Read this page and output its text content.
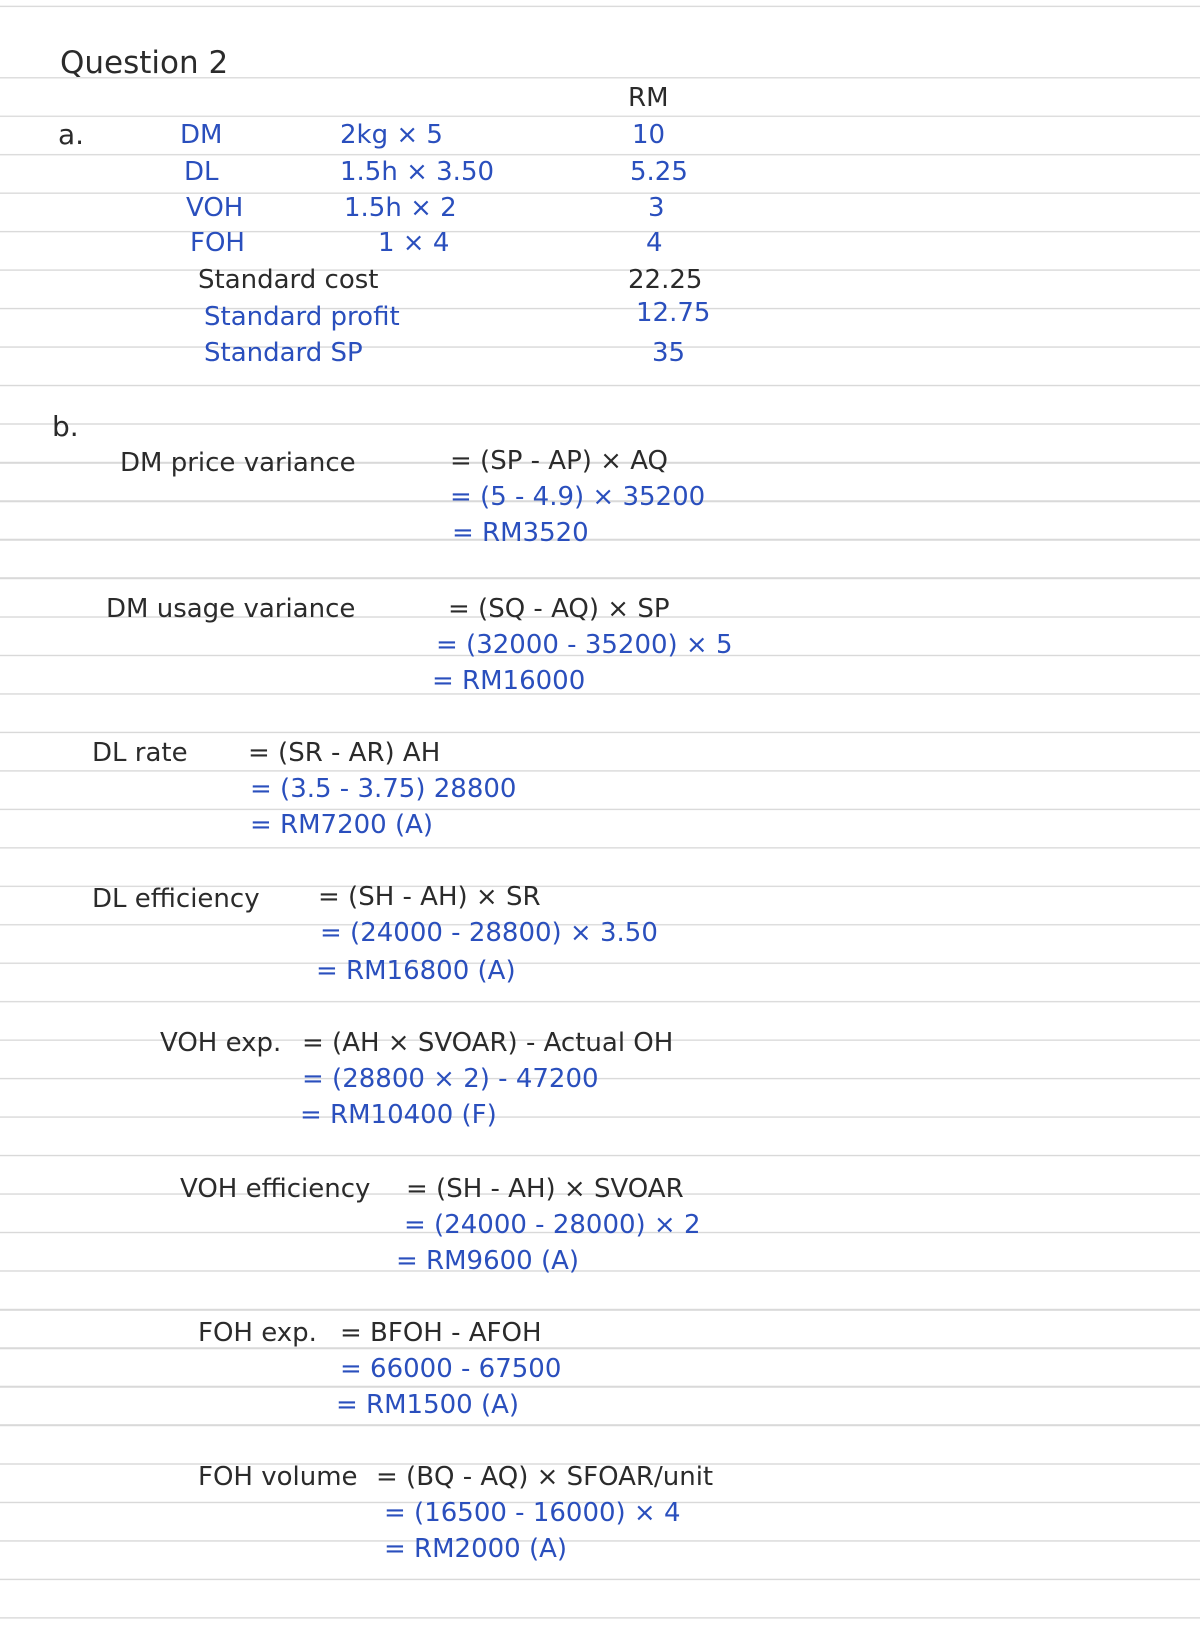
Question 2
a.
RM
DM	2kg × 5	10
DL	1.5h × 3.50	5.25
VOH	1.5h × 2	3
FOH	1 × 4	4
Standard cost	22.25
Standard profit	12.75
Standard SP	35
b.
DM price variance	= (SP - AP) × AQ
= (5 - 4.9) × 35200
= RM3520
DM usage variance	= (SQ - AQ) × SP
= (32000 - 35200) × 5
= RM16000
DL rate = (SR - AR) AH
= (3.5 - 3.75) 28800
= RM7200 (A)
DL efficiency = (SH - AH) × SR
= (24000 - 28800) × 3.50
= RM16800 (A)
VOH exp. = (AH × SVOAR) - Actual OH
= (28800 × 2) - 47200
= RM10400 (F)
VOH efficiency = (SH - AH) × SVOAR
= (24000 - 28000) × 2
= RM9600 (A)
FOH exp. = BFOH - AFOH
= 66000 - 67500
= RM1500 (A)
FOH volume = (BQ - AQ) × SFOAR/unit
= (16500 - 16000) × 4
= RM2000 (A)
